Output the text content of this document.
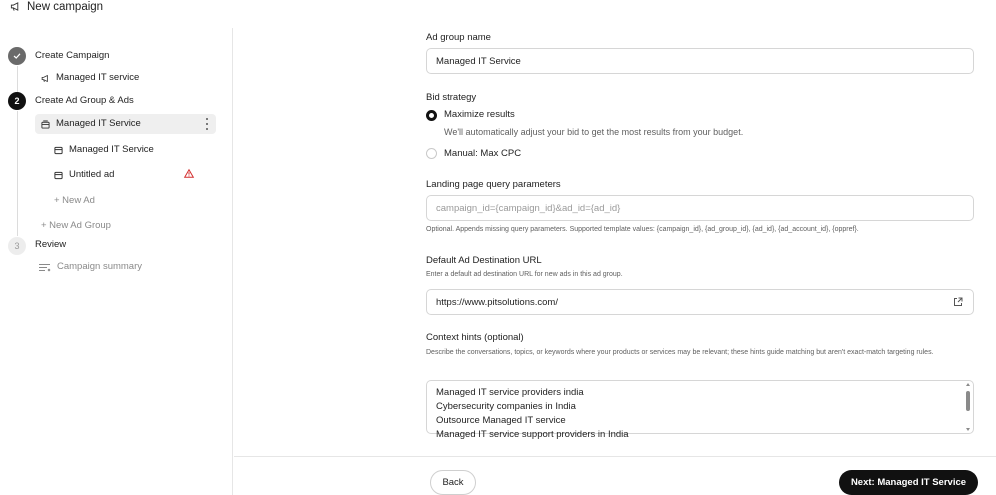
New campaign
Create Campaign
Managed IT service
2	Create Ad Group & Ads
Managed IT Service
Managed IT Service
Untitled ad
+ New Ad
+ New Ad Group
3	Review
Campaign summary
Ad group name
Managed IT Service
Bid strategy
Maximize results
We'll automatically adjust your bid to get the most results from your budget.
Manual: Max CPC
Landing page query parameters
campaign_id={campaign_id}&ad_id={ad_id}
Optional. Appends missing query parameters. Supported template values: {campaign_id}, {ad_group_id}, {ad_id}, {ad_account_id}, {oppref}.
Default Ad Destination URL
Enter a default ad destination URL for new ads in this ad group.
https://www.pitsolutions.com/
Context hints (optional)
Describe the conversations, topics, or keywords where your products or services may be relevant; these hints guide matching but aren't exact-match targeting rules.
Managed IT service providers india
Cybersecurity companies in India
Outsource Managed IT service
Managed IT service support providers in India
Back	Next: Managed IT Service
